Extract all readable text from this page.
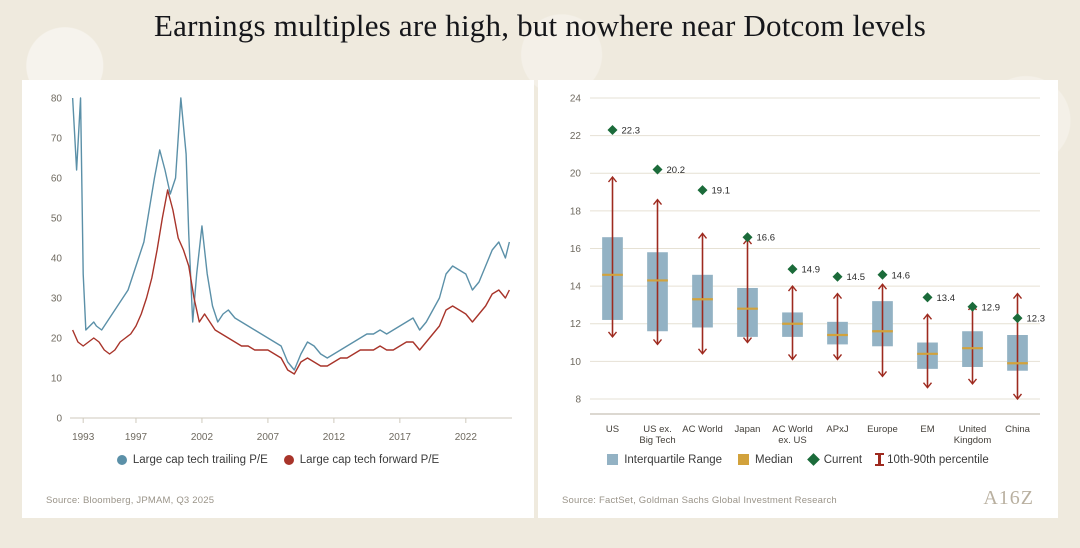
Earnings multiples are high, but nowhere near Dotcom levels
0
10
20
30
40
50
60
70
80
1993	1997	2002	2007	2012	2017	2022
Large cap tech trailing P/E	Large cap tech forward P/E
Source: Bloomberg, JPMAM, Q3 2025
8
10
12
14
16
18
20
22
24
22.3
US
20.2
US ex.
Big Tech
19.1
AC World
16.6
Japan
14.9
AC World
ex. US
14.5
APxJ
14.6
Europe
13.4
EM
12.9
United
Kingdom
12.3
China
Interquartile Range	Median	Current 10th-90th percentile
Source: FactSet, Goldman Sachs Global Investment Research	A16Z
